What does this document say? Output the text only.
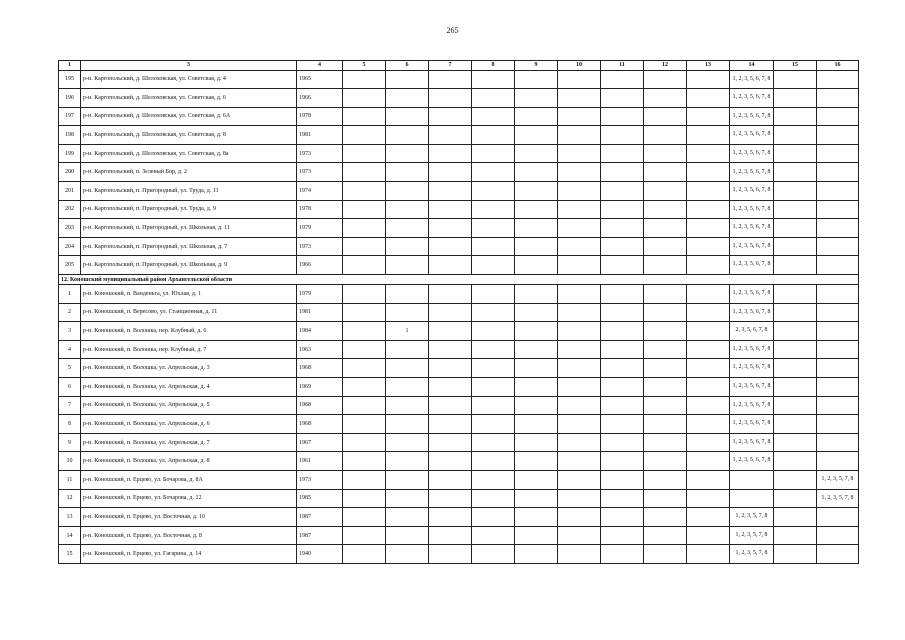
265
1	3	4	5	6	7	8	9	10	11	12	13	14	15	16
195	р-н. Каргопольский, д. Шелоховская, ул. Советская, д. 4	1965										1, 2, 3, 5, 6, 7, 8		
196	р-н. Каргопольский, д. Шелоховская, ул. Советская, д. 6	1966										1, 2, 3, 5, 6, 7, 8		
197	р-н. Каргопольский, д. Шелоховская, ул. Советская, д. 6А	1978										1, 2, 3, 5, 6, 7, 8		
198	р-н. Каргопольский, д. Шелоховская, ул. Советская, д. 8	1981										1, 2, 3, 5, 6, 7, 8		
199	р-н. Каргопольский, д. Шелоховская, ул. Советская, д. 8а	1973										1, 2, 3, 5, 6, 7, 8		
200	р-н. Каргопольский, п. Зеленый Бор, д. 2	1973										1, 2, 3, 5, 6, 7, 8		
201	р-н. Каргопольский, п. Пригородный, ул. Труда, д. 11	1974										1, 2, 3, 5, 6, 7, 8		
202	р-н. Каргопольский, п. Пригородный, ул. Труда, д. 9	1978										1, 2, 3, 5, 6, 7, 8		
203	р-н. Каргопольский, п. Пригородный, ул. Школьная, д. 11	1979										1, 2, 3, 5, 6, 7, 8		
204	р-н. Каргопольский, п. Пригородный, ул. Школьная, д. 7	1973										1, 2, 3, 5, 6, 7, 8		
205	р-н. Каргопольский, п. Пригородный, ул. Школьная, д. 9	1966										1, 2, 3, 5, 6, 7, 8		
12. Коношский муниципальный район Архангельской области														
1	р-н. Коношский, п. Ванденьга, ул. Юхлая, д. 1	1979										1, 2, 3, 5, 6, 7, 8		
2	р-н. Коношский, п. Вересово, ул. Станционная, д. 11	1981										1, 2, 3, 5, 6, 7, 8		
3	р-н. Коношский, п. Волошка, пер. Клубный, д. 6	1984		1								2, 3, 5, 6, 7, 8		
4	р-н. Коношский, п. Волошка, пер. Клубный, д. 7	1963										1, 2, 3, 5, 6, 7, 8		
5	р-н. Коношский, п. Волошка, ул. Апрельская, д. 3	1968										1, 2, 3, 5, 6, 7, 8		
6	р-н. Коношский, п. Волошка, ул. Апрельская, д. 4	1969										1, 2, 3, 5, 6, 7, 8		
7	р-н. Коношский, п. Волошка, ул. Апрельская, д. 5	1968										1, 2, 3, 5, 6, 7, 8		
8	р-н. Коношский, п. Волошка, ул. Апрельская, д. 6	1968										1, 2, 3, 5, 6, 7, 8		
9	р-н. Коношский, п. Волошка, ул. Апрельская, д. 7	1967										1, 2, 3, 5, 6, 7, 8		
10	р-н. Коношский, п. Волошка, ул. Апрельская, д. 8	1961										1, 2, 3, 5, 6, 7, 8		
11	р-н. Коношский, п. Ерцево, ул. Бочарова, д. 8А	1973												1, 2, 3, 5, 7, 8
12	р-н. Коношский, п. Ерцево, ул. Бочарова, д. 12	1985												1, 2, 3, 5, 7, 8
13	р-н. Коношский, п. Ерцево, ул. Восточная, д. 10	1987										1, 2, 3, 5, 7, 8		
14	р-н. Коношский, п. Ерцево, ул. Восточная, д. 8	1987										1, 2, 3, 5, 7, 8		
15	р-н. Коношский, п. Ерцево, ул. Гагарина, д. 14	1940										1, 2, 3, 5, 7, 8		
